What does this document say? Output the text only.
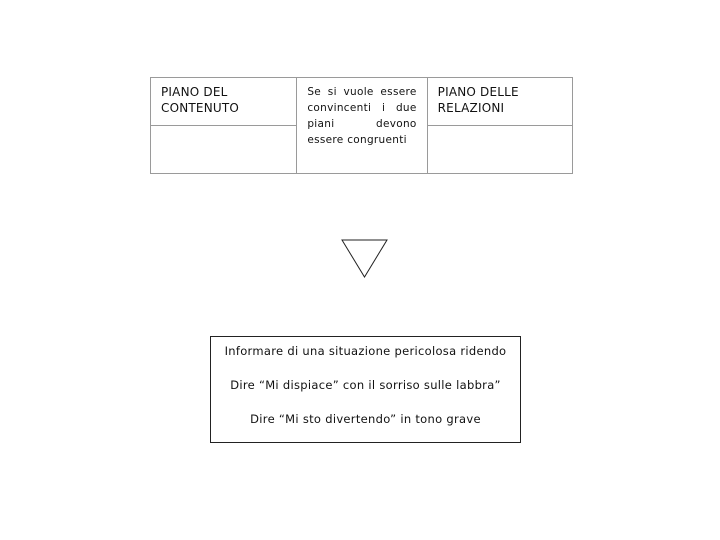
PIANO DEL CONTENUTO	Se si vuole essere convincenti i due piani devono essere congruenti	PIANO DELLE RELAZIONI

Informare di una situazione pericolosa ridendo
Dire “Mi dispiace” con il sorriso sulle labbra”
Dire “Mi sto divertendo” in tono grave
